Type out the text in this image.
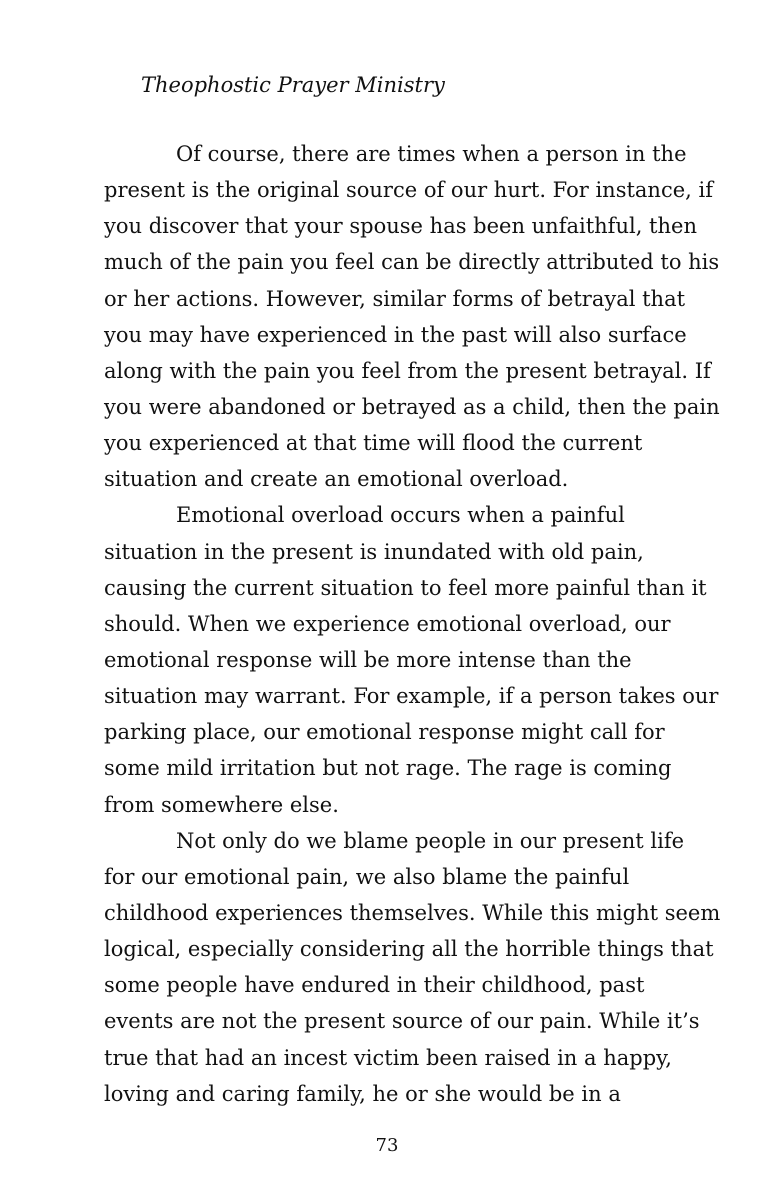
Theophostic Prayer Ministry
Of course, there are times when a person in the
present is the original source of our hurt. For instance, if
you discover that your spouse has been unfaithful, then
much of the pain you feel can be directly attributed to his
or her actions. However, similar forms of betrayal that
you may have experienced in the past will also surface
along with the pain you feel from the present betrayal. If
you were abandoned or betrayed as a child, then the pain
you experienced at that time will flood the current
situation and create an emotional overload.
Emotional overload occurs when a painful
situation in the present is inundated with old pain,
causing the current situation to feel more painful than it
should. When we experience emotional overload, our
emotional response will be more intense than the
situation may warrant. For example, if a person takes our
parking place, our emotional response might call for
some mild irritation but not rage. The rage is coming
from somewhere else.
Not only do we blame people in our present life
for our emotional pain, we also blame the painful
childhood experiences themselves. While this might seem
logical, especially considering all the horrible things that
some people have endured in their childhood, past
events are not the present source of our pain. While it’s
true that had an incest victim been raised in a happy,
loving and caring family, he or she would be in a
73
